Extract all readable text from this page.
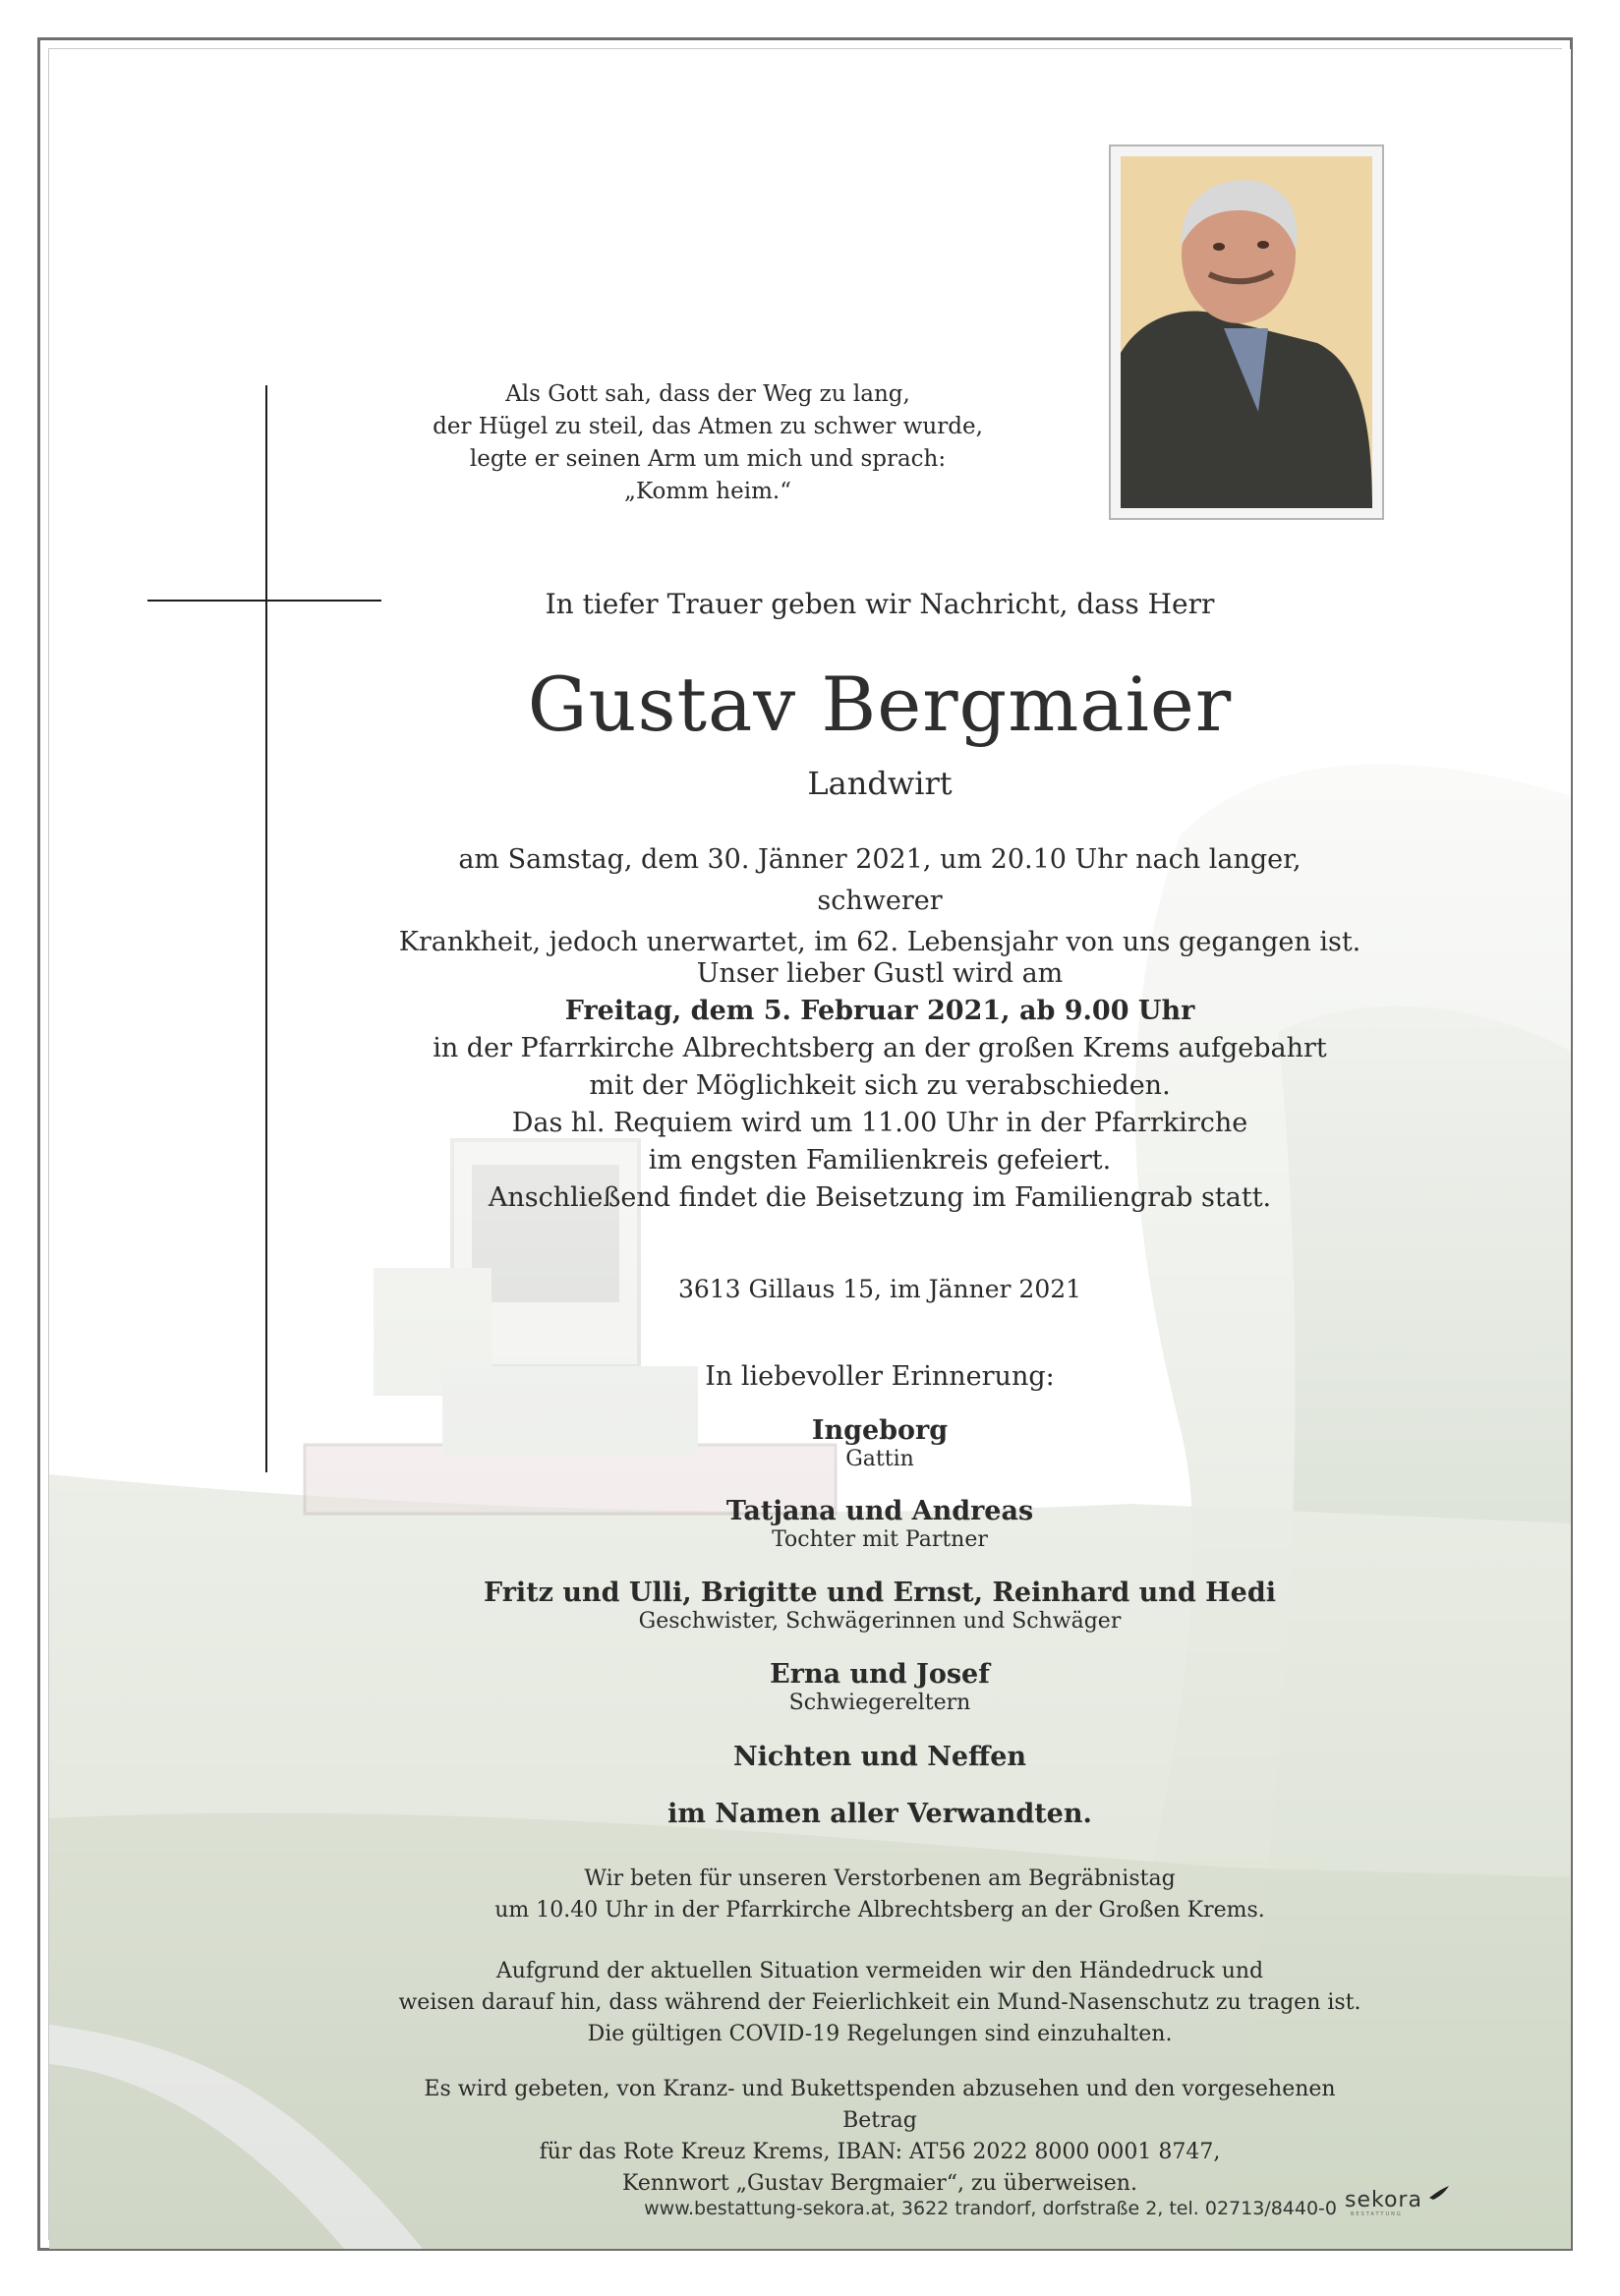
Als Gott sah, dass der Weg zu lang,
der Hügel zu steil, das Atmen zu schwer wurde,
legte er seinen Arm um mich und sprach:
„Komm heim.“
In tiefer Trauer geben wir Nachricht, dass Herr
Gustav Bergmaier
Landwirt
am Samstag, dem 30. Jänner 2021, um 20.10 Uhr nach langer, schwerer
Krankheit, jedoch unerwartet, im 62. Lebensjahr von uns gegangen ist.
Unser lieber Gustl wird am
Freitag, dem 5. Februar 2021, ab 9.00 Uhr
in der Pfarrkirche Albrechtsberg an der großen Krems aufgebahrt
mit der Möglichkeit sich zu verabschieden.
Das hl. Requiem wird um 11.00 Uhr in der Pfarrkirche
im engsten Familienkreis gefeiert.
Anschließend findet die Beisetzung im Familiengrab statt.
3613 Gillaus 15, im Jänner 2021
In liebevoller Erinnerung:
Ingeborg
Gattin
Tatjana und Andreas
Tochter mit Partner
Fritz und Ulli, Brigitte und Ernst, Reinhard und Hedi
Geschwister, Schwägerinnen und Schwäger
Erna und Josef
Schwiegereltern
Nichten und Neffen
im Namen aller Verwandten.
Wir beten für unseren Verstorbenen am Begräbnistag
um 10.40 Uhr in der Pfarrkirche Albrechtsberg an der Großen Krems.
Aufgrund der aktuellen Situation vermeiden wir den Händedruck und
weisen darauf hin, dass während der Feierlichkeit ein Mund-Nasenschutz zu tragen ist.
Die gültigen COVID-19 Regelungen sind einzuhalten.
Es wird gebeten, von Kranz- und Bukettspenden abzusehen und den vorgesehenen Betrag
für das Rote Kreuz Krems, IBAN: AT56 2022 8000 0001 8747,
Kennwort „Gustav Bergmaier“, zu überweisen.
www.bestattung-sekora.at, 3622 trandorf, dorfstraße 2, tel. 02713/8440-0 sekora
BESTATTUNG
